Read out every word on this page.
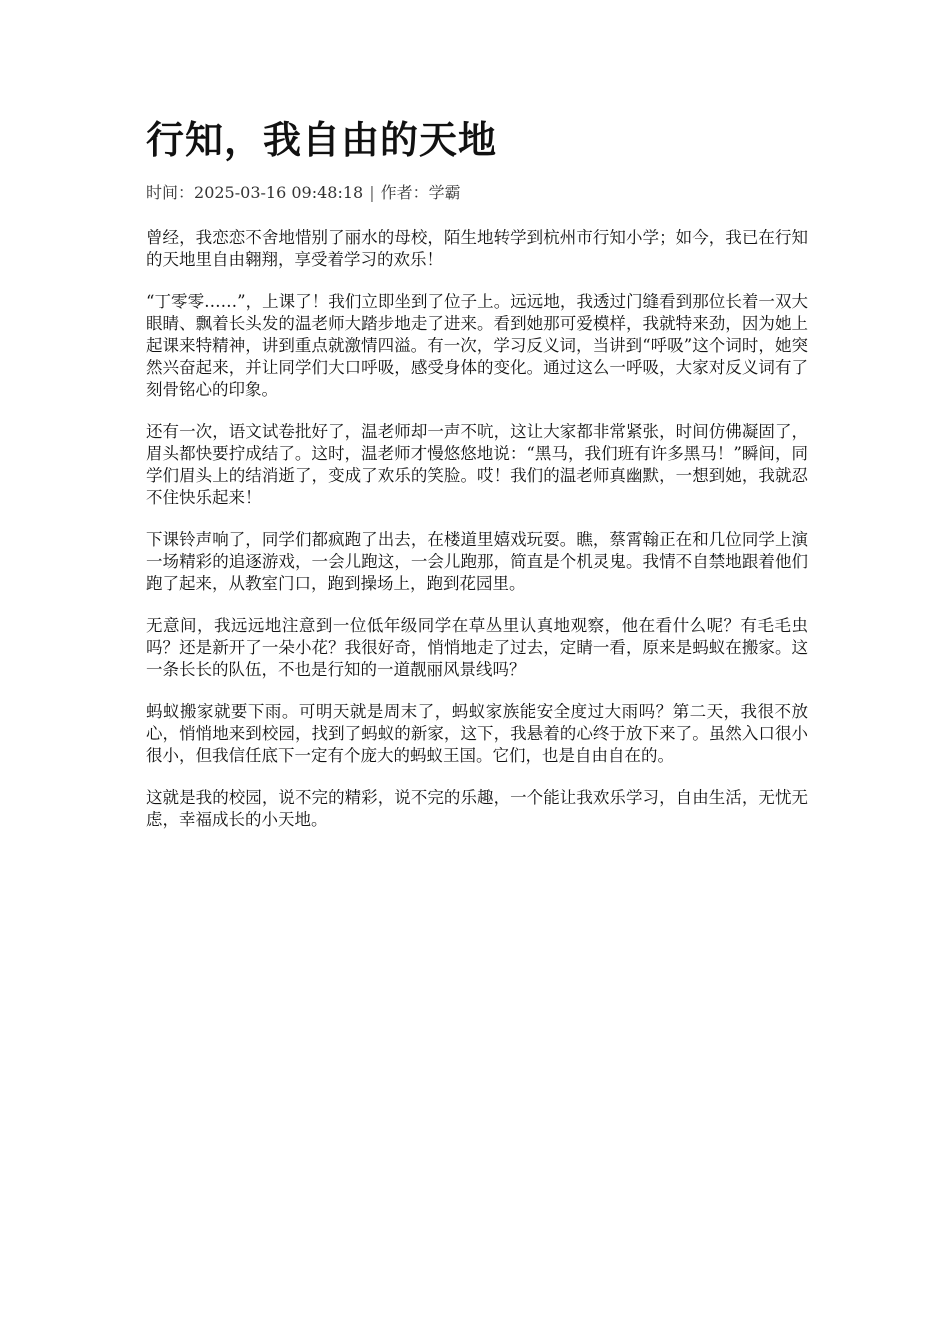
行知，我自由的天地
时间：2025-03-16 09:48:18 | 作者：学霸

曾经，我恋恋不舍地惜别了丽水的母校，陌生地转学到杭州市行知小学；如今，我已在行知的天地里自由翱翔，享受着学习的欢乐！

“丁零零……”，上课了！我们立即坐到了位子上。远远地，我透过门缝看到那位长着一双大眼睛、飘着长头发的温老师大踏步地走了进来。看到她那可爱模样，我就特来劲，因为她上起课来特精神，讲到重点就激情四溢。有一次，学习反义词，当讲到“呼吸”这个词时，她突然兴奋起来，并让同学们大口呼吸，感受身体的变化。通过这么一呼吸，大家对反义词有了刻骨铭心的印象。

还有一次，语文试卷批好了，温老师却一声不吭，这让大家都非常紧张，时间仿佛凝固了，眉头都快要拧成结了。这时，温老师才慢悠悠地说：“黑马，我们班有许多黑马！”瞬间，同学们眉头上的结消逝了，变成了欢乐的笑脸。哎！我们的温老师真幽默，一想到她，我就忍不住快乐起来！

下课铃声响了，同学们都疯跑了出去，在楼道里嬉戏玩耍。瞧，蔡霄翰正在和几位同学上演一场精彩的追逐游戏，一会儿跑这，一会儿跑那，简直是个机灵鬼。我情不自禁地跟着他们跑了起来，从教室门口，跑到操场上，跑到花园里。

无意间，我远远地注意到一位低年级同学在草丛里认真地观察，他在看什么呢？有毛毛虫吗？还是新开了一朵小花？我很好奇，悄悄地走了过去，定睛一看，原来是蚂蚁在搬家。这一条长长的队伍，不也是行知的一道靓丽风景线吗？

蚂蚁搬家就要下雨。可明天就是周末了，蚂蚁家族能安全度过大雨吗？第二天，我很不放心，悄悄地来到校园，找到了蚂蚁的新家，这下，我悬着的心终于放下来了。虽然入口很小很小，但我信任底下一定有个庞大的蚂蚁王国。它们，也是自由自在的。

这就是我的校园，说不完的精彩，说不完的乐趣，一个能让我欢乐学习，自由生活，无忧无虑，幸福成长的小天地。
